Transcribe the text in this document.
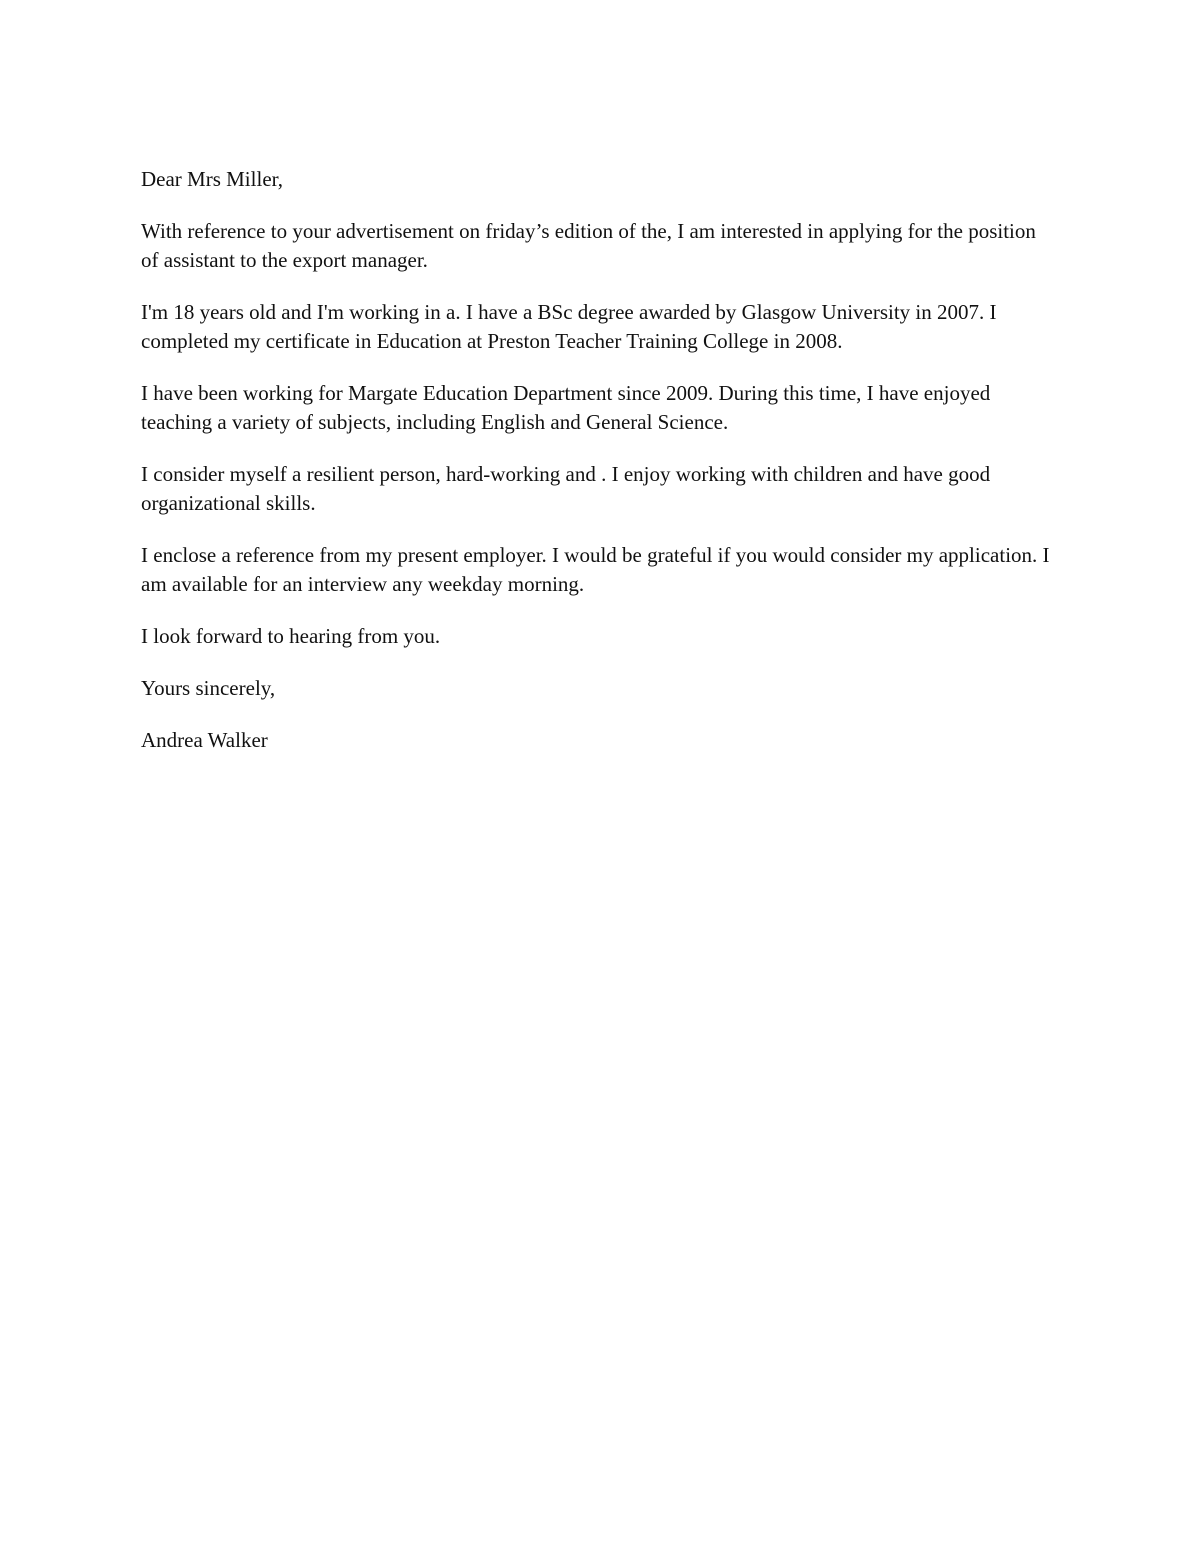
Dear Mrs Miller,

With reference to your advertisement on friday’s edition of the, I am interested in applying for the position of assistant to the export manager.

I'm 18 years old and I'm working in a. I have a BSc degree awarded by Glasgow University in 2007. I completed my certificate in Education at Preston Teacher Training College in 2008.

I have been working for Margate Education Department since 2009. During this time, I have enjoyed teaching a variety of subjects, including English and General Science.

I consider myself a resilient person, hard-working and . I enjoy working with children and have good organizational skills.

I enclose a reference from my present employer. I would be grateful if you would consider my application. I am available for an interview any weekday morning.

I look forward to hearing from you.

Yours sincerely,

Andrea Walker
